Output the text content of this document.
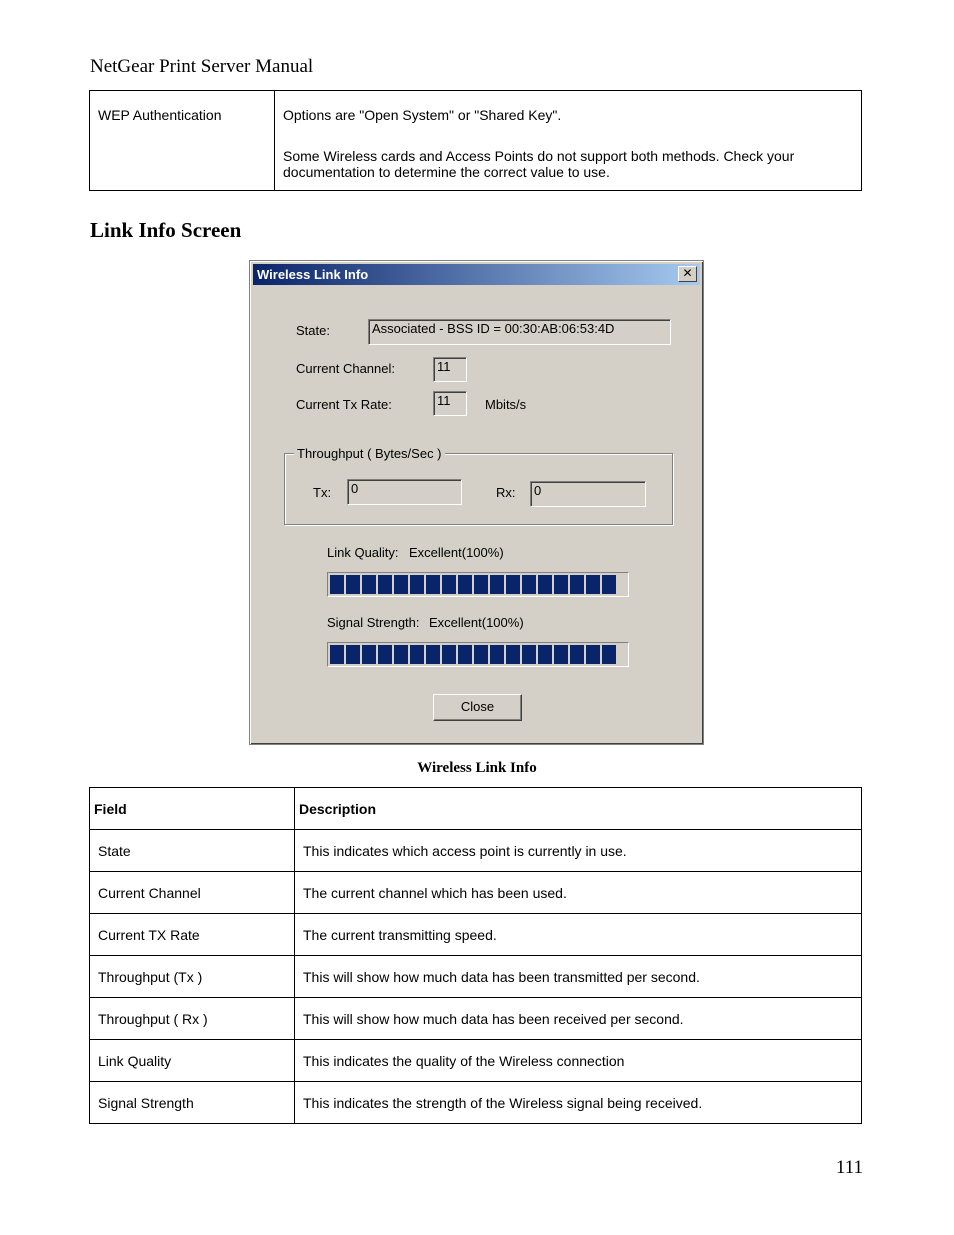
NetGear Print Server Manual
WEP Authentication	Options are "Open System" or "Shared Key".
Some Wireless cards and Access Points do not support both methods. Check your documentation to determine the correct value to use.
Link Info Screen
Wireless Link Info	✕
State:	Associated - BSS ID = 00:30:AB:06:53:4D
Current Channel:	11
Current Tx Rate:	11	Mbits/s
Throughput ( Bytes/Sec )
Tx:	0	Rx:	0
Link Quality: Excellent(100%)
Signal Strength: Excellent(100%)
Close
Wireless Link Info
Field	Description
State	This indicates which access point is currently in use.
Current Channel	The current channel which has been used.
Current TX Rate	The current transmitting speed.
Throughput (Tx )	This will show how much data has been transmitted per second.
Throughput ( Rx )	This will show how much data has been received per second.
Link Quality	This indicates the quality of the Wireless connection
Signal Strength	This indicates the strength of the Wireless signal being received.
111
